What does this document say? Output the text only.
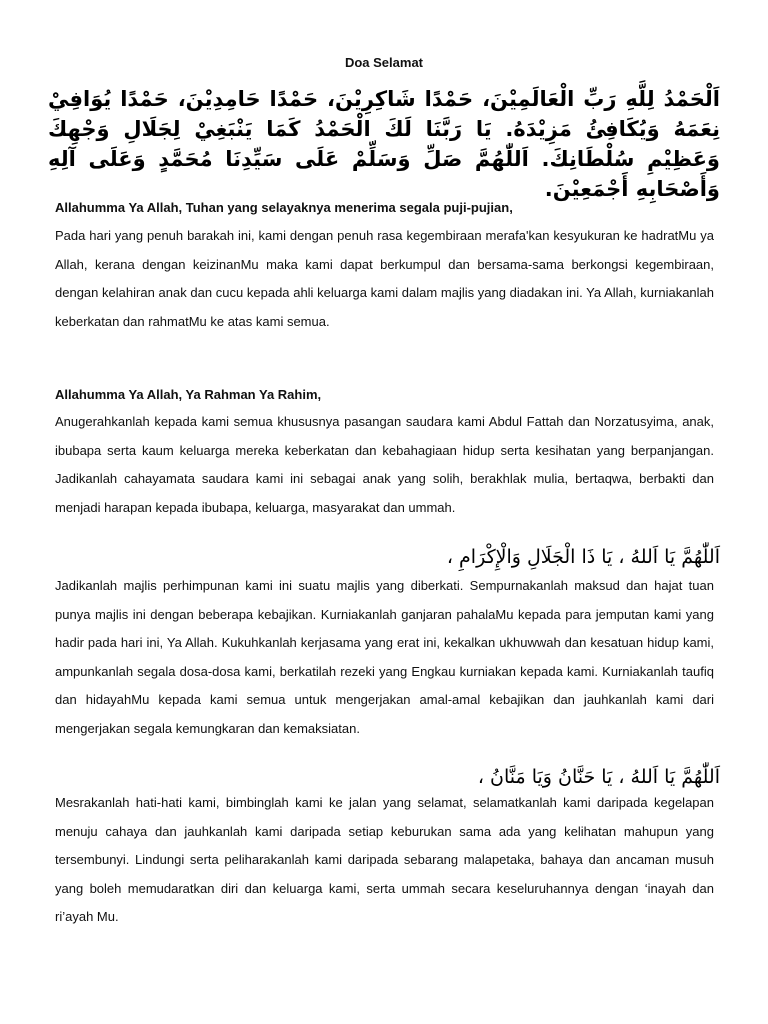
Doa Selamat
اَلْحَمْدُ لِلَّهِ رَبِّ الْعَالَمِيْنَ، حَمْدًا شَاكِرِيْنَ، حَمْدًا حَامِدِيْنَ، حَمْدًا يُوَافِيْ نِعَمَهُ وَيُكَافِئُ مَزِيْدَهُ. يَا رَبَّنَا لَكَ الْحَمْدُ كَمَا يَنْبَغِيْ لِجَلَالِ وَجْهِكَ وَعَظِيْمِ سُلْطَانِكَ. اَللّٰهُمَّ صَلِّ وَسَلِّمْ عَلَى سَيِّدِنَا مُحَمَّدٍ وَعَلَى آلِهِ وَأَصْحَابِهِ أَجْمَعِيْنَ.
Allahumma Ya Allah, Tuhan yang selayaknya menerima segala puji-pujian,
Pada hari yang penuh barakah ini, kami dengan penuh rasa kegembiraan merafa'kan kesyukuran ke hadratMu ya Allah, kerana dengan keizinanMu maka kami dapat berkumpul dan bersama-sama berkongsi kegembiraan, dengan kelahiran anak dan cucu kepada ahli keluarga kami dalam majlis yang diadakan ini. Ya Allah, kurniakanlah keberkatan dan rahmatMu ke atas kami semua.
Allahumma Ya Allah, Ya Rahman Ya Rahim,
Anugerahkanlah kepada kami semua khususnya pasangan saudara kami Abdul Fattah dan Norzatusyima, anak, ibubapa serta kaum keluarga mereka keberkatan dan kebahagiaan hidup serta kesihatan yang berpanjangan. Jadikanlah cahayamata saudara kami ini sebagai anak yang solih, berakhlak mulia, bertaqwa, berbakti dan menjadi harapan kepada ibubapa, keluarga, masyarakat dan ummah.
اَللّٰهُمَّ يَا اَللهُ ، يَا ذَا الْجَلَالِ وَالْإِكْرَامِ ،
Jadikanlah majlis perhimpunan kami ini suatu majlis yang diberkati. Sempurnakanlah maksud dan hajat tuan punya majlis ini dengan beberapa kebajikan. Kurniakanlah ganjaran pahalaMu kepada para jemputan kami yang hadir pada hari ini, Ya Allah. Kukuhkanlah kerjasama yang erat ini, kekalkan ukhuwwah dan kesatuan hidup kami, ampunkanlah segala dosa-dosa kami, berkatilah rezeki yang Engkau kurniakan kepada kami. Kurniakanlah taufiq dan hidayahMu kepada kami semua untuk mengerjakan amal-amal kebajikan dan jauhkanlah kami dari mengerjakan segala kemungkaran dan kemaksiatan.
اَللّٰهُمَّ يَا اَللهُ ، يَا حَنَّانُ وَيَا مَنَّانُ ،
Mesrakanlah hati-hati kami, bimbinglah kami ke jalan yang selamat, selamatkanlah kami daripada kegelapan menuju cahaya dan jauhkanlah kami daripada setiap keburukan sama ada yang kelihatan mahupun yang tersembunyi. Lindungi serta peliharakanlah kami daripada sebarang malapetaka, bahaya dan ancaman musuh yang boleh memudaratkan diri dan keluarga kami, serta ummah secara keseluruhannya dengan ‘inayah dan ri’ayah Mu.
